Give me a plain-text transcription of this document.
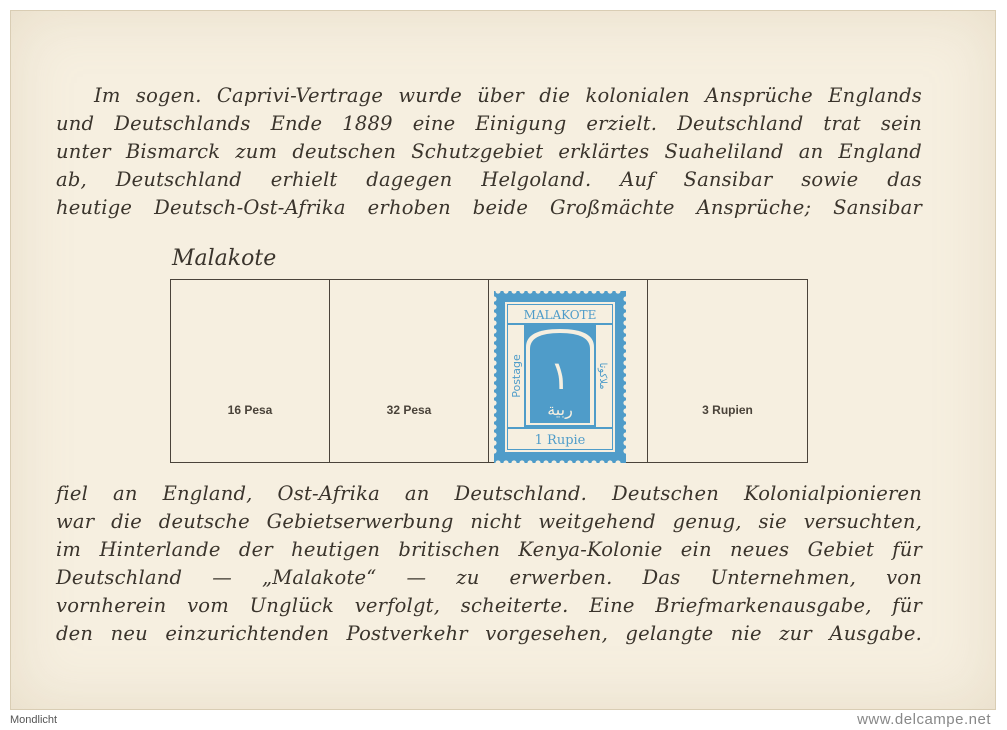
Im sogen. Caprivi-Vertrage wurde über die kolonialen Ansprüche Englands
und Deutschlands Ende 1889 eine Einigung erzielt. Deutschland trat sein
unter Bismarck zum deutschen Schutzgebiet erklärtes Suaheliland an England
ab, Deutschland erhielt dagegen Helgoland. Auf Sansibar sowie das
heutige Deutsch-Ost-Afrika erhoben beide Großmächte Ansprüche; Sansibar
Malakote
16 Pesa	32 Pesa	3 Rupien
MALAKOTE
Postage	ملاكوتا
١
ربية
1 Rupie
fiel an England, Ost-Afrika an Deutschland. Deutschen Kolonialpionieren
war die deutsche Gebietserwerbung nicht weitgehend genug, sie versuchten,
im Hinterlande der heutigen britischen Kenya-Kolonie ein neues Gebiet für
Deutschland — „Malakote“ — zu erwerben. Das Unternehmen, von
vornherein vom Unglück verfolgt, scheiterte. Eine Briefmarkenausgabe, für
den neu einzurichtenden Postverkehr vorgesehen, gelangte nie zur Ausgabe.
Mondlicht	www.delcampe.net
